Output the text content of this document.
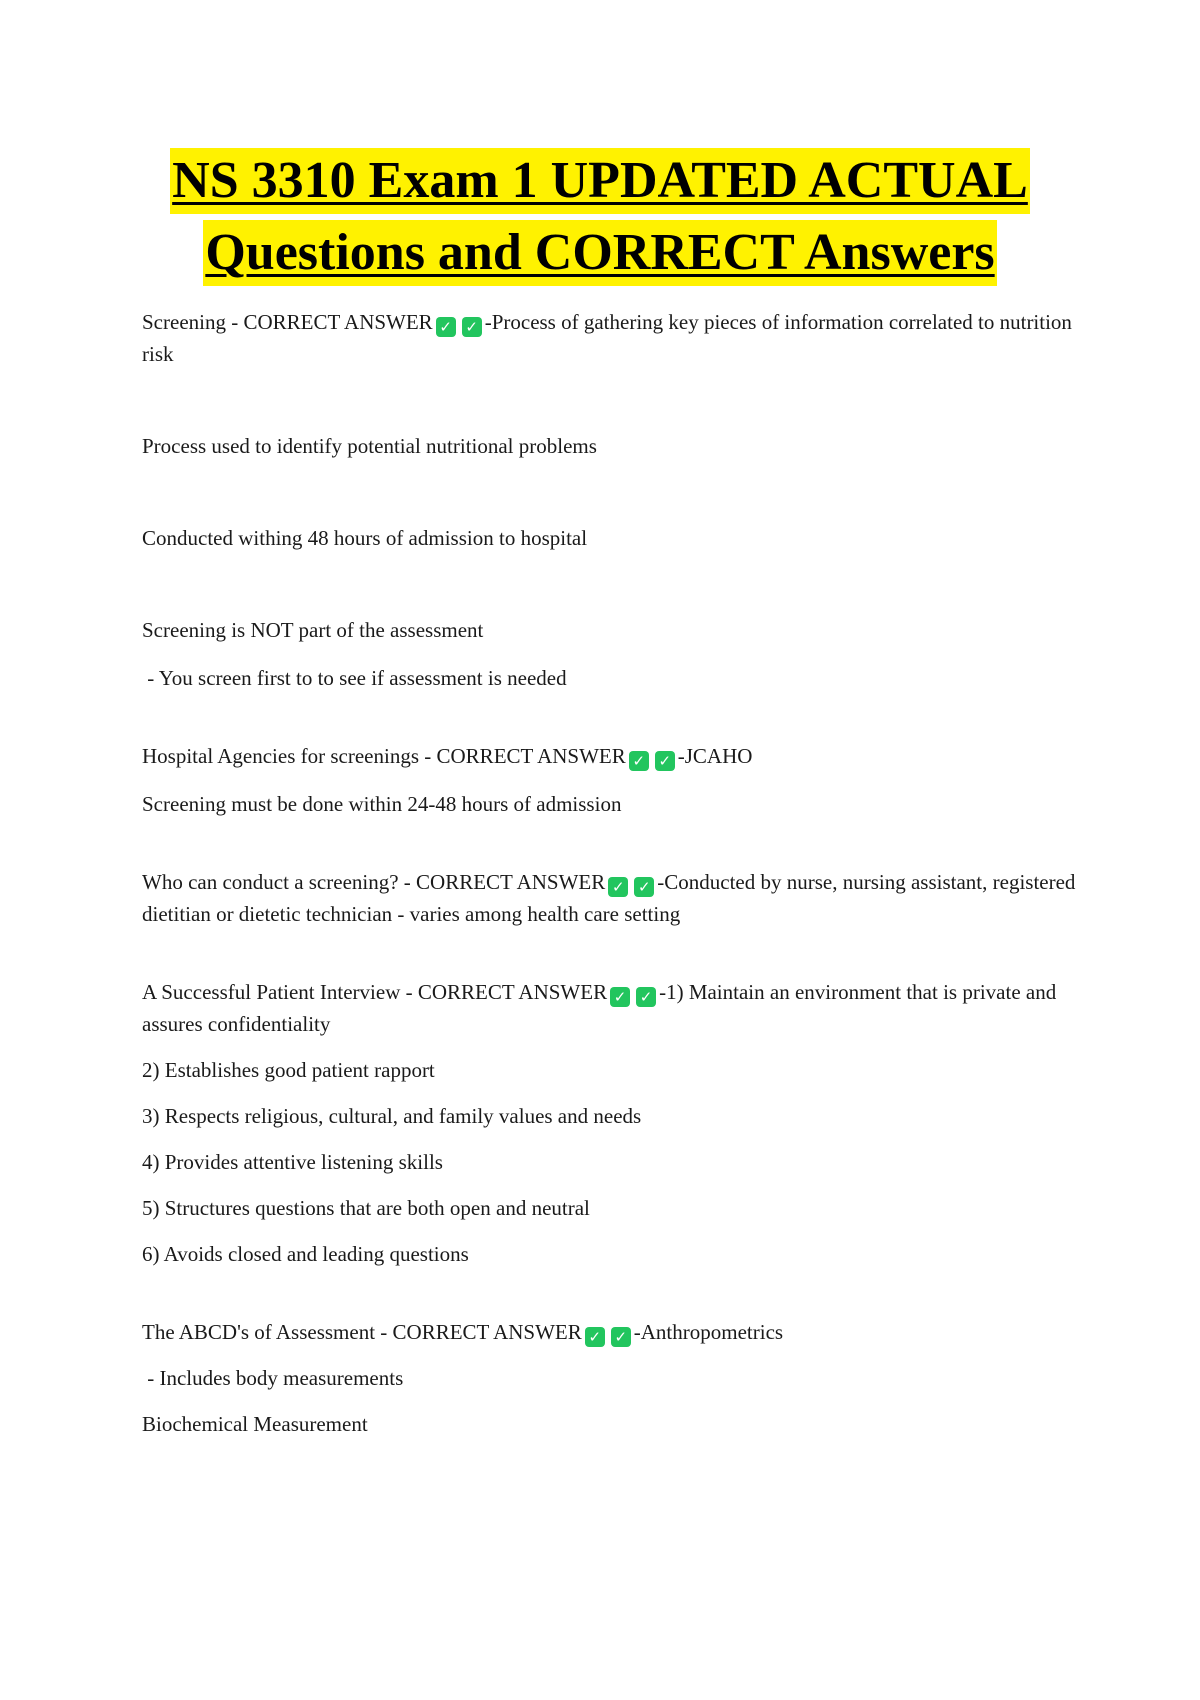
NS 3310 Exam 1 UPDATED ACTUAL
Questions and CORRECT Answers

Screening - CORRECT ANSWER ✓ ✓ -Process of gathering key pieces of information correlated to nutrition risk

Process used to identify potential nutritional problems

Conducted withing 48 hours of admission to hospital

Screening is NOT part of the assessment

- You screen first to to see if assessment is needed

Hospital Agencies for screenings - CORRECT ANSWER ✓ ✓ -JCAHO

Screening must be done within 24-48 hours of admission

Who can conduct a screening? - CORRECT ANSWER ✓ ✓ -Conducted by nurse, nursing assistant, registered dietitian or dietetic technician - varies among health care setting

A Successful Patient Interview - CORRECT ANSWER ✓ ✓ -1) Maintain an environment that is private and assures confidentiality

2) Establishes good patient rapport

3) Respects religious, cultural, and family values and needs

4) Provides attentive listening skills

5) Structures questions that are both open and neutral

6) Avoids closed and leading questions

The ABCD's of Assessment - CORRECT ANSWER ✓ ✓ -Anthropometrics

- Includes body measurements

Biochemical Measurement
